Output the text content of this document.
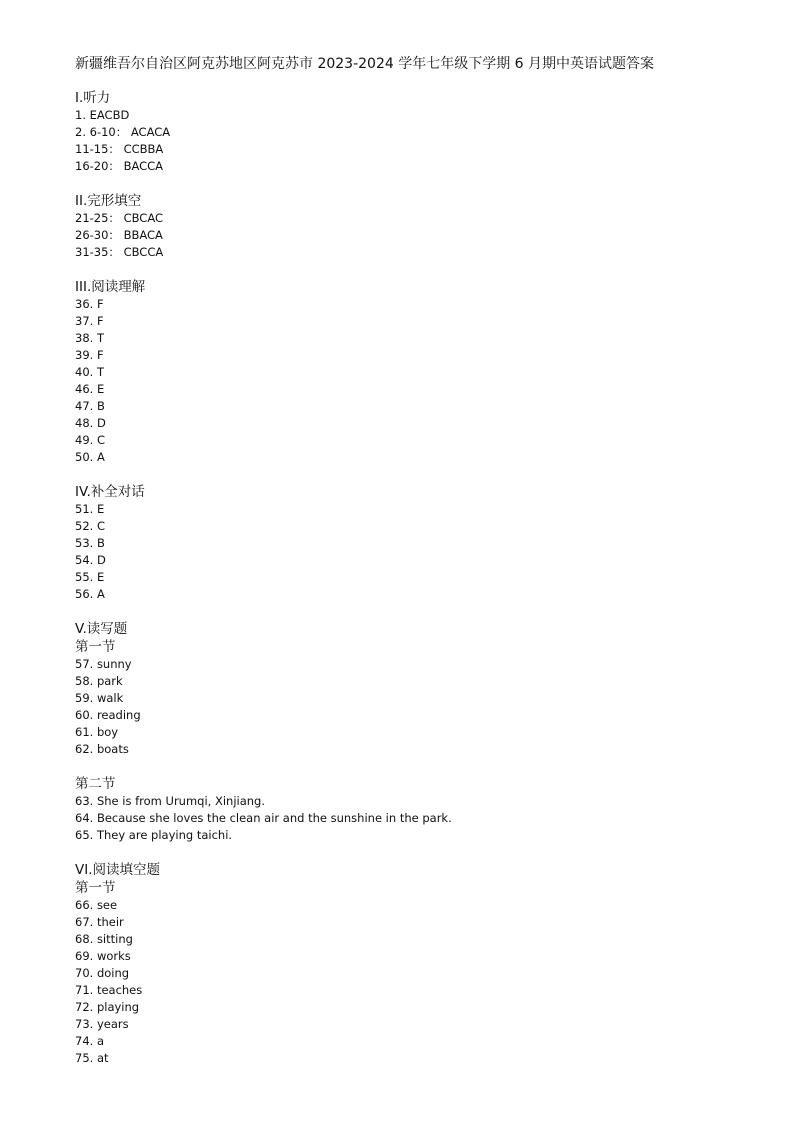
新疆维吾尔自治区阿克苏地区阿克苏市 2023-2024 学年七年级下学期 6 月期中英语试题答案
I.听力
1. EACBD
2. 6-10： ACACA
11-15： CCBBA
16-20： BACCA
II.完形填空
21-25： CBCAC
26-30： BBACA
31-35： CBCCA
III.阅读理解
36. F
37. F
38. T
39. F
40. T
46. E
47. B
48. D
49. C
50. A
IV.补全对话
51. E
52. C
53. B
54. D
55. E
56. A
V.读写题
第一节
57. sunny
58. park
59. walk
60. reading
61. boy
62. boats
第二节
63. She is from Urumqi, Xinjiang.
64. Because she loves the clean air and the sunshine in the park.
65. They are playing taichi.
VI.阅读填空题
第一节
66. see
67. their
68. sitting
69. works
70. doing
71. teaches
72. playing
73. years
74. a
75. at
